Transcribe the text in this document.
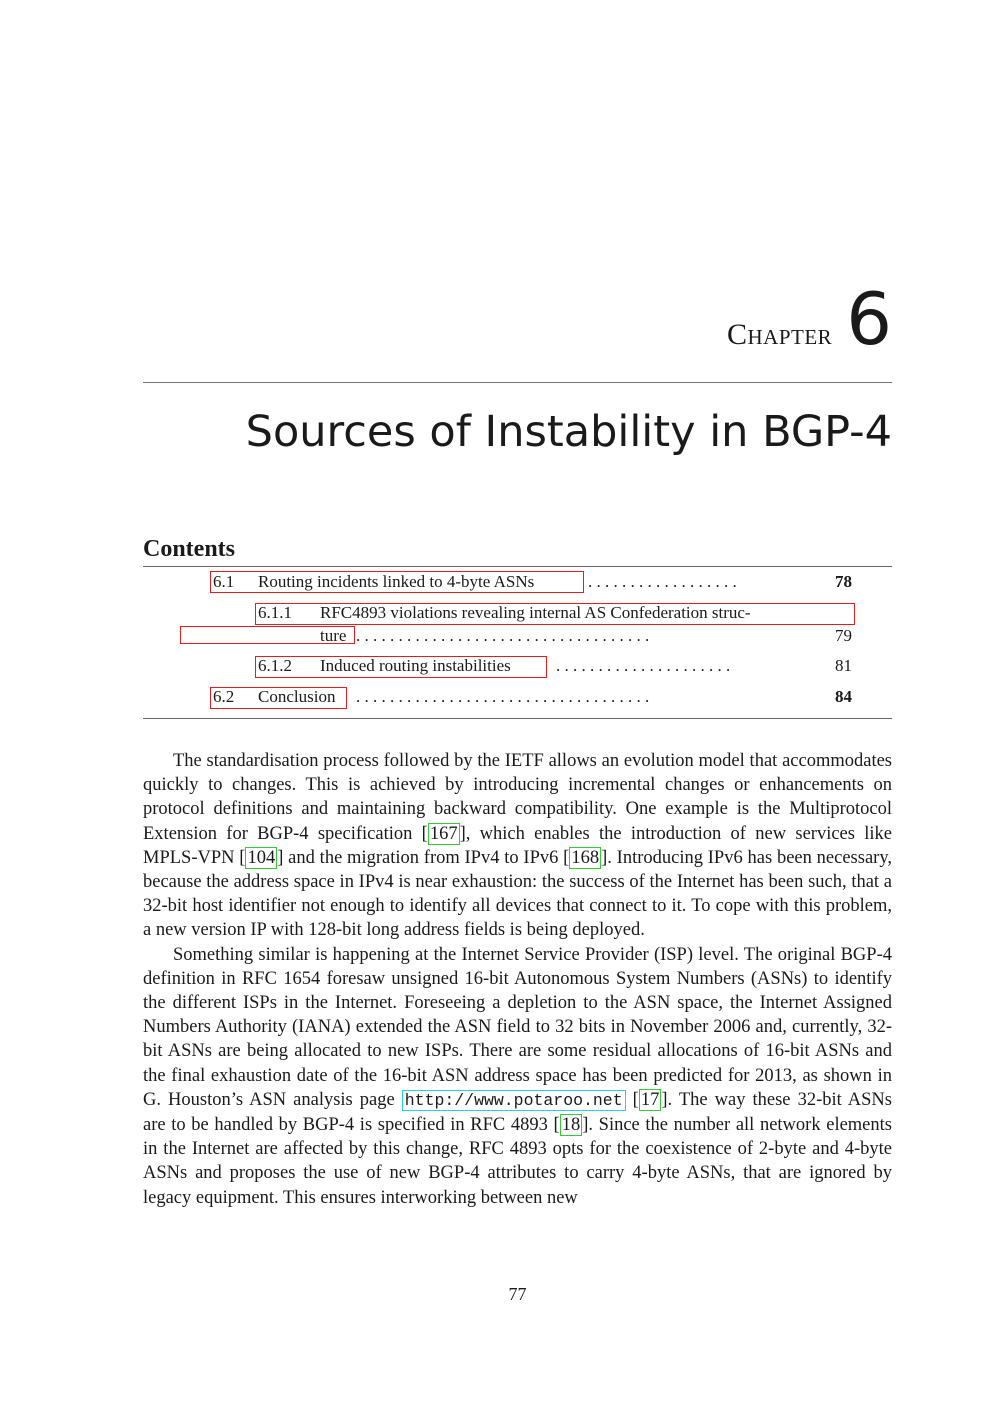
Chapter 6
Sources of Instability in BGP-4
Contents
6.1 Routing incidents linked to 4-byte ASNs	. . . . . . . . . . . . . . . . . .	78
6.1.1 RFC4893 violations revealing internal AS Confederation struc-
ture . . . . . . . . . . . . . . . . . . . . . . . . . . . . . . . . . . .	79
6.1.2 Induced routing instabilities	. . . . . . . . . . . . . . . . . . . . .	81
6.2 Conclusion . . . . . . . . . . . . . . . . . . . . . . . . . . . . . . . . . . .	84

The standardisation process followed by the IETF allows an evolution model that accommodates quickly to changes. This is achieved by introducing incremental changes or enhancements on protocol definitions and maintaining backward compatibility. One example is the Multiprotocol Extension for BGP-4 specification [ 167 ], which enables the introduction of new services like MPLS-VPN [ 104 ] and the migration from IPv4 to IPv6 [ 168 ]. Introducing IPv6 has been necessary, because the address space in IPv4 is near exhaustion: the success of the Internet has been such, that a 32-bit host identifier not enough to identify all devices that connect to it. To cope with this problem, a new version IP with 128-bit long address fields is being deployed.

Something similar is happening at the Internet Service Provider (ISP) level. The original BGP-4 definition in RFC 1654 foresaw unsigned 16-bit Autonomous System Numbers (ASNs) to identify the different ISPs in the Internet. Foreseeing a depletion to the ASN space, the Internet Assigned Numbers Authority (IANA) extended the ASN field to 32 bits in November 2006 and, currently, 32-bit ASNs are being allocated to new ISPs. There are some residual allocations of 16-bit ASNs and the final exhaustion date of the 16-bit ASN address space has been predicted for 2013, as shown in G. Houston’s ASN analysis page http://www.potaroo.net [ 17 ]. The way these 32-bit ASNs are to be handled by BGP-4 is specified in RFC 4893 [ 18 ]. Since the number all network elements in the Internet are affected by this change, RFC 4893 opts for the coexistence of 2-byte and 4-byte ASNs and proposes the use of new BGP-4 attributes to carry 4-byte ASNs, that are ignored by legacy equipment. This ensures interworking between new

77
